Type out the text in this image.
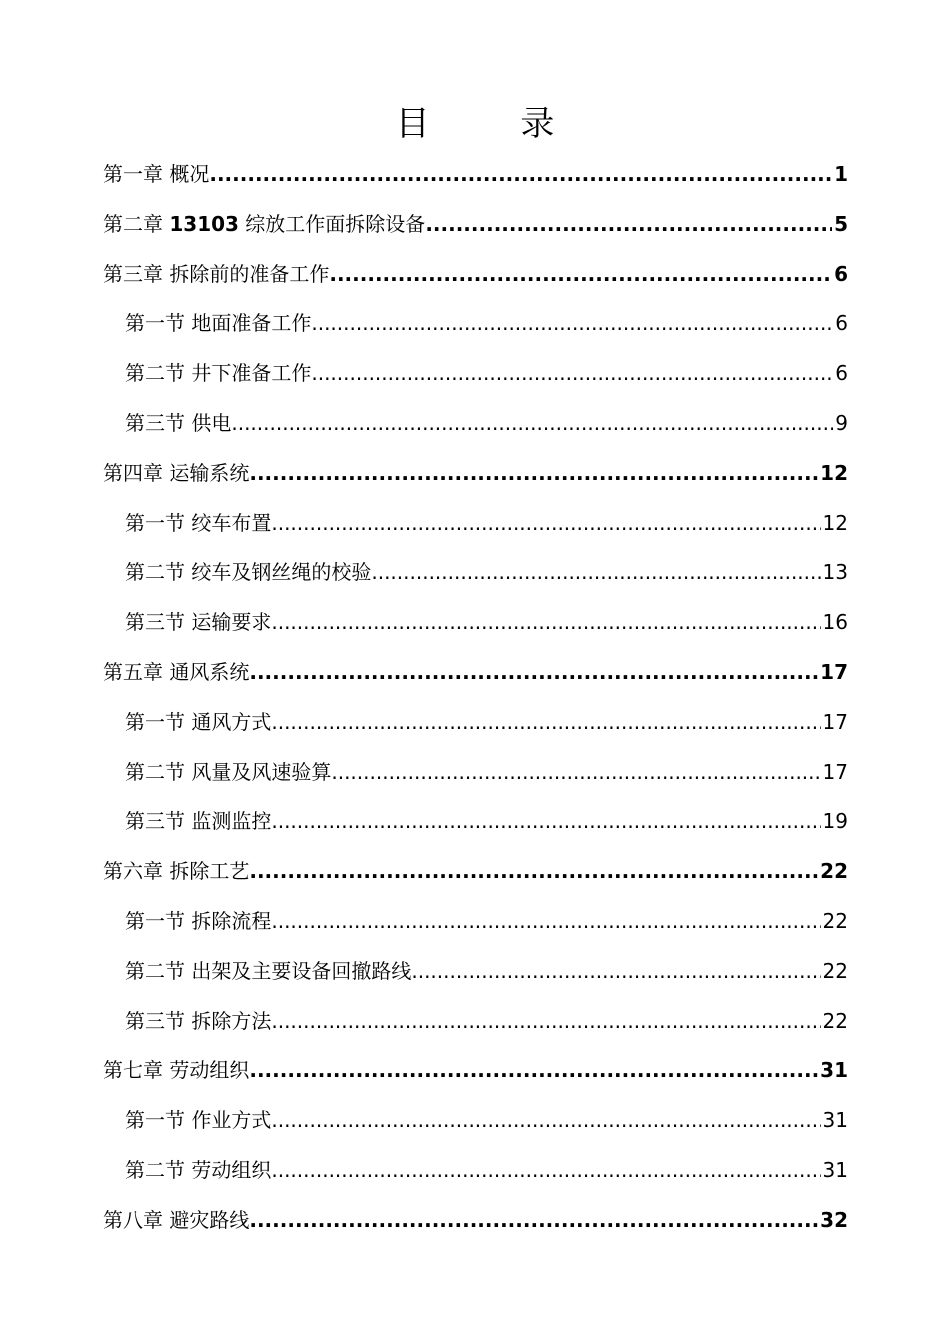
目 录
第一章 概况 .....	1
第二章 13103 综放工作面拆除设备 .....	5
第三章 拆除前的准备工作 .....	6
第一节 地面准备工作 .....	6
第二节 井下准备工作 .....	6
第三节 供电 .....	9
第四章 运输系统 .....	12
第一节 绞车布置 .....	12
第二节 绞车及钢丝绳的校验 .....	13
第三节 运输要求 .....	16
第五章 通风系统 .....	17
第一节 通风方式 .....	17
第二节 风量及风速验算 .....	17
第三节 监测监控 .....	19
第六章 拆除工艺 .....	22
第一节 拆除流程 .....	22
第二节 出架及主要设备回撤路线 .....	22
第三节 拆除方法 .....	22
第七章 劳动组织 .....	31
第一节 作业方式 .....	31
第二节 劳动组织 .....	31
第八章 避灾路线 .....	32
